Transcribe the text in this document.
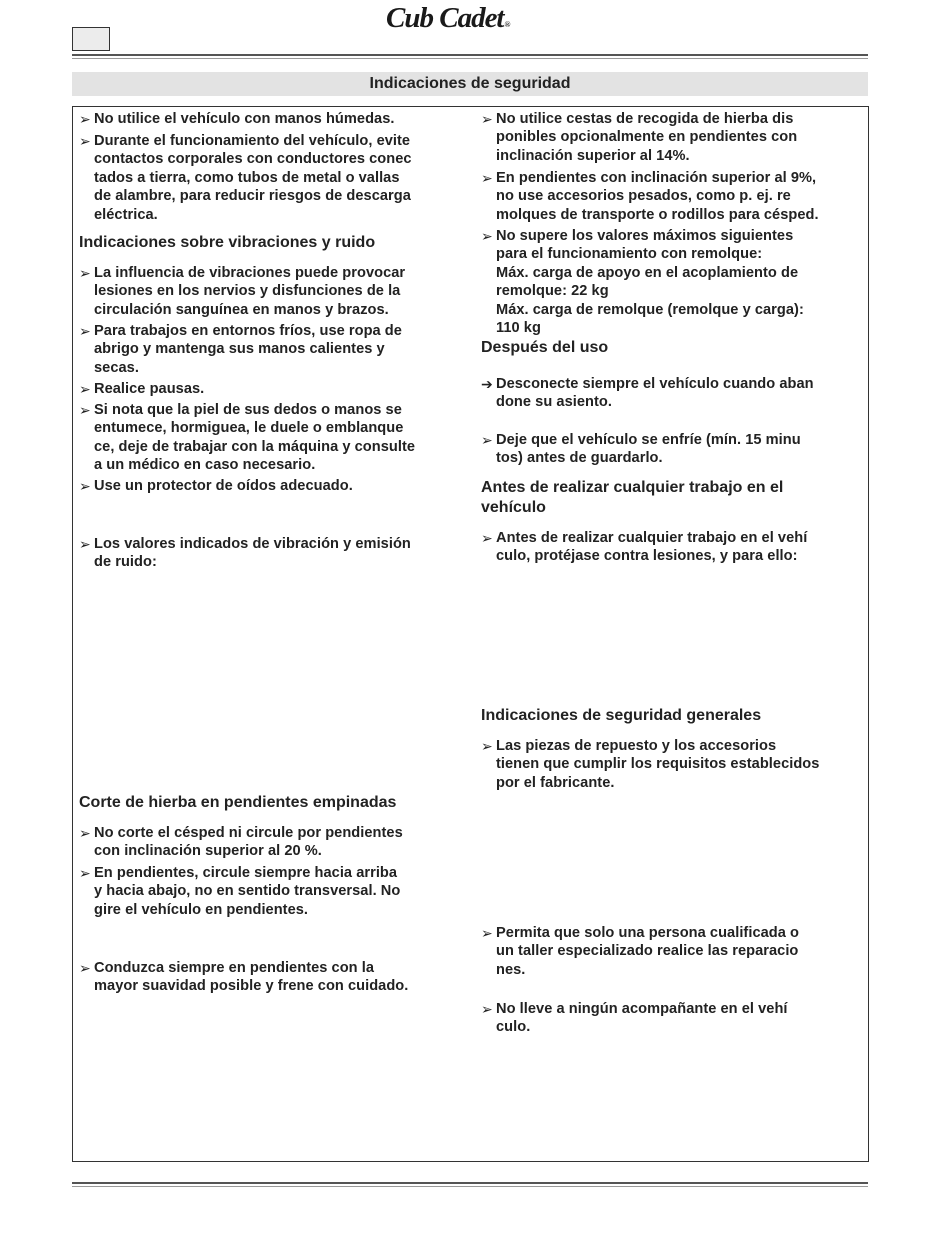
Cub Cadet®
Indicaciones de seguridad
➢ No utilice el vehículo con manos húmedas.
➢ Durante el funcionamiento del vehículo, evite
contactos corporales con conductores conec
tados a tierra, como tubos de metal o vallas
de alambre, para reducir riesgos de descarga
eléctrica.
Indicaciones sobre vibraciones y ruido
➢ La influencia de vibraciones puede provocar
lesiones en los nervios y disfunciones de la
circulación sanguínea en manos y brazos.
➢ Para trabajos en entornos fríos, use ropa de
abrigo y mantenga sus manos calientes y
secas.
➢ Realice pausas.
➢ Si nota que la piel de sus dedos o manos se
entumece, hormiguea, le duele o emblanque
ce, deje de trabajar con la máquina y consulte
a un médico en caso necesario.
➢ Use un protector de oídos adecuado.
➢ Los valores indicados de vibración y emisión
de ruido:
Corte de hierba en pendientes empinadas
➢ No corte el césped ni circule por pendientes
con inclinación superior al 20 %.
➢ En pendientes, circule siempre hacia arriba
y hacia abajo, no en sentido transversal. No
gire el vehículo en pendientes.
➢ Conduzca siempre en pendientes con la
mayor suavidad posible y frene con cuidado.
➢ No utilice cestas de recogida de hierba dis
ponibles opcionalmente en pendientes con
inclinación superior al 14%.
➢ En pendientes con inclinación superior al 9%,
no use accesorios pesados, como p. ej. re
molques de transporte o rodillos para césped.
➢ No supere los valores máximos siguientes
para el funcionamiento con remolque:
Máx. carga de apoyo en el acoplamiento de
remolque: 22 kg
Máx. carga de remolque (remolque y carga):
110 kg
Después del uso
➔ Desconecte siempre el vehículo cuando aban
done su asiento.
➢ Deje que el vehículo se enfríe (mín. 15 minu
tos) antes de guardarlo.
Antes de realizar cualquier trabajo en el
vehículo
➢ Antes de realizar cualquier trabajo en el vehí
culo, protéjase contra lesiones, y para ello:
Indicaciones de seguridad generales
➢ Las piezas de repuesto y los accesorios
tienen que cumplir los requisitos establecidos
por el fabricante.
➢ Permita que solo una persona cualificada o
un taller especializado realice las reparacio
nes.
➢ No lleve a ningún acompañante en el vehí
culo.
